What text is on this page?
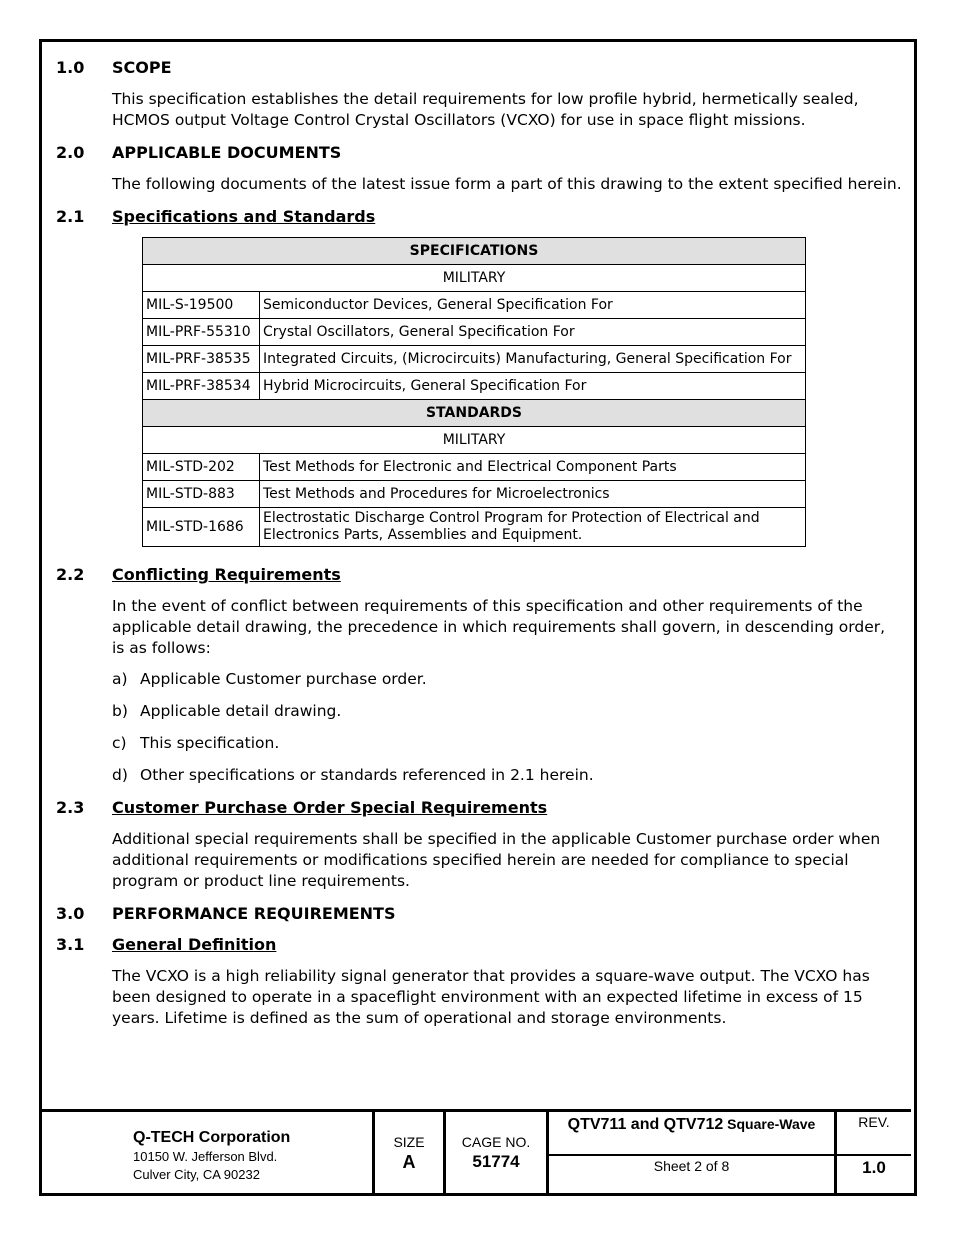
1.0 SCOPE
This specification establishes the detail requirements for low profile hybrid, hermetically sealed, HCMOS output Voltage Control Crystal Oscillators (VCXO) for use in space flight missions.
2.0 APPLICABLE DOCUMENTS
The following documents of the latest issue form a part of this drawing to the extent specified herein.
2.1 Specifications and Standards
SPECIFICATIONS	
MILITARY	
MIL-S-19500	Semiconductor Devices, General Specification For
MIL-PRF-55310	Crystal Oscillators, General Specification For
MIL-PRF-38535	Integrated Circuits, (Microcircuits) Manufacturing, General Specification For
MIL-PRF-38534	Hybrid Microcircuits, General Specification For
STANDARDS	
MILITARY	
MIL-STD-202	Test Methods for Electronic and Electrical Component Parts
MIL-STD-883	Test Methods and Procedures for Microelectronics
MIL-STD-1686	Electrostatic Discharge Control Program for Protection of Electrical and Electronics Parts, Assemblies and Equipment.
2.2 Conflicting Requirements
In the event of conflict between requirements of this specification and other requirements of the applicable detail drawing, the precedence in which requirements shall govern, in descending order, is as follows:
a) Applicable Customer purchase order.
b) Applicable detail drawing.
c) This specification.
d) Other specifications or standards referenced in 2.1 herein.
2.3 Customer Purchase Order Special Requirements
Additional special requirements shall be specified in the applicable Customer purchase order when additional requirements or modifications specified herein are needed for compliance to special program or product line requirements.
3.0 PERFORMANCE REQUIREMENTS
3.1 General Definition
The VCXO is a high reliability signal generator that provides a square-wave output. The VCXO has been designed to operate in a spaceflight environment with an expected lifetime in excess of 15 years. Lifetime is defined as the sum of operational and storage environments.
Q-TECH Corporation
10150 W. Jefferson Blvd.
Culver City, CA 90232
SIZE
A
CAGE NO.
51774
QTV711 and QTV712 Square-Wave
Sheet 2 of 8
REV.
1.0
